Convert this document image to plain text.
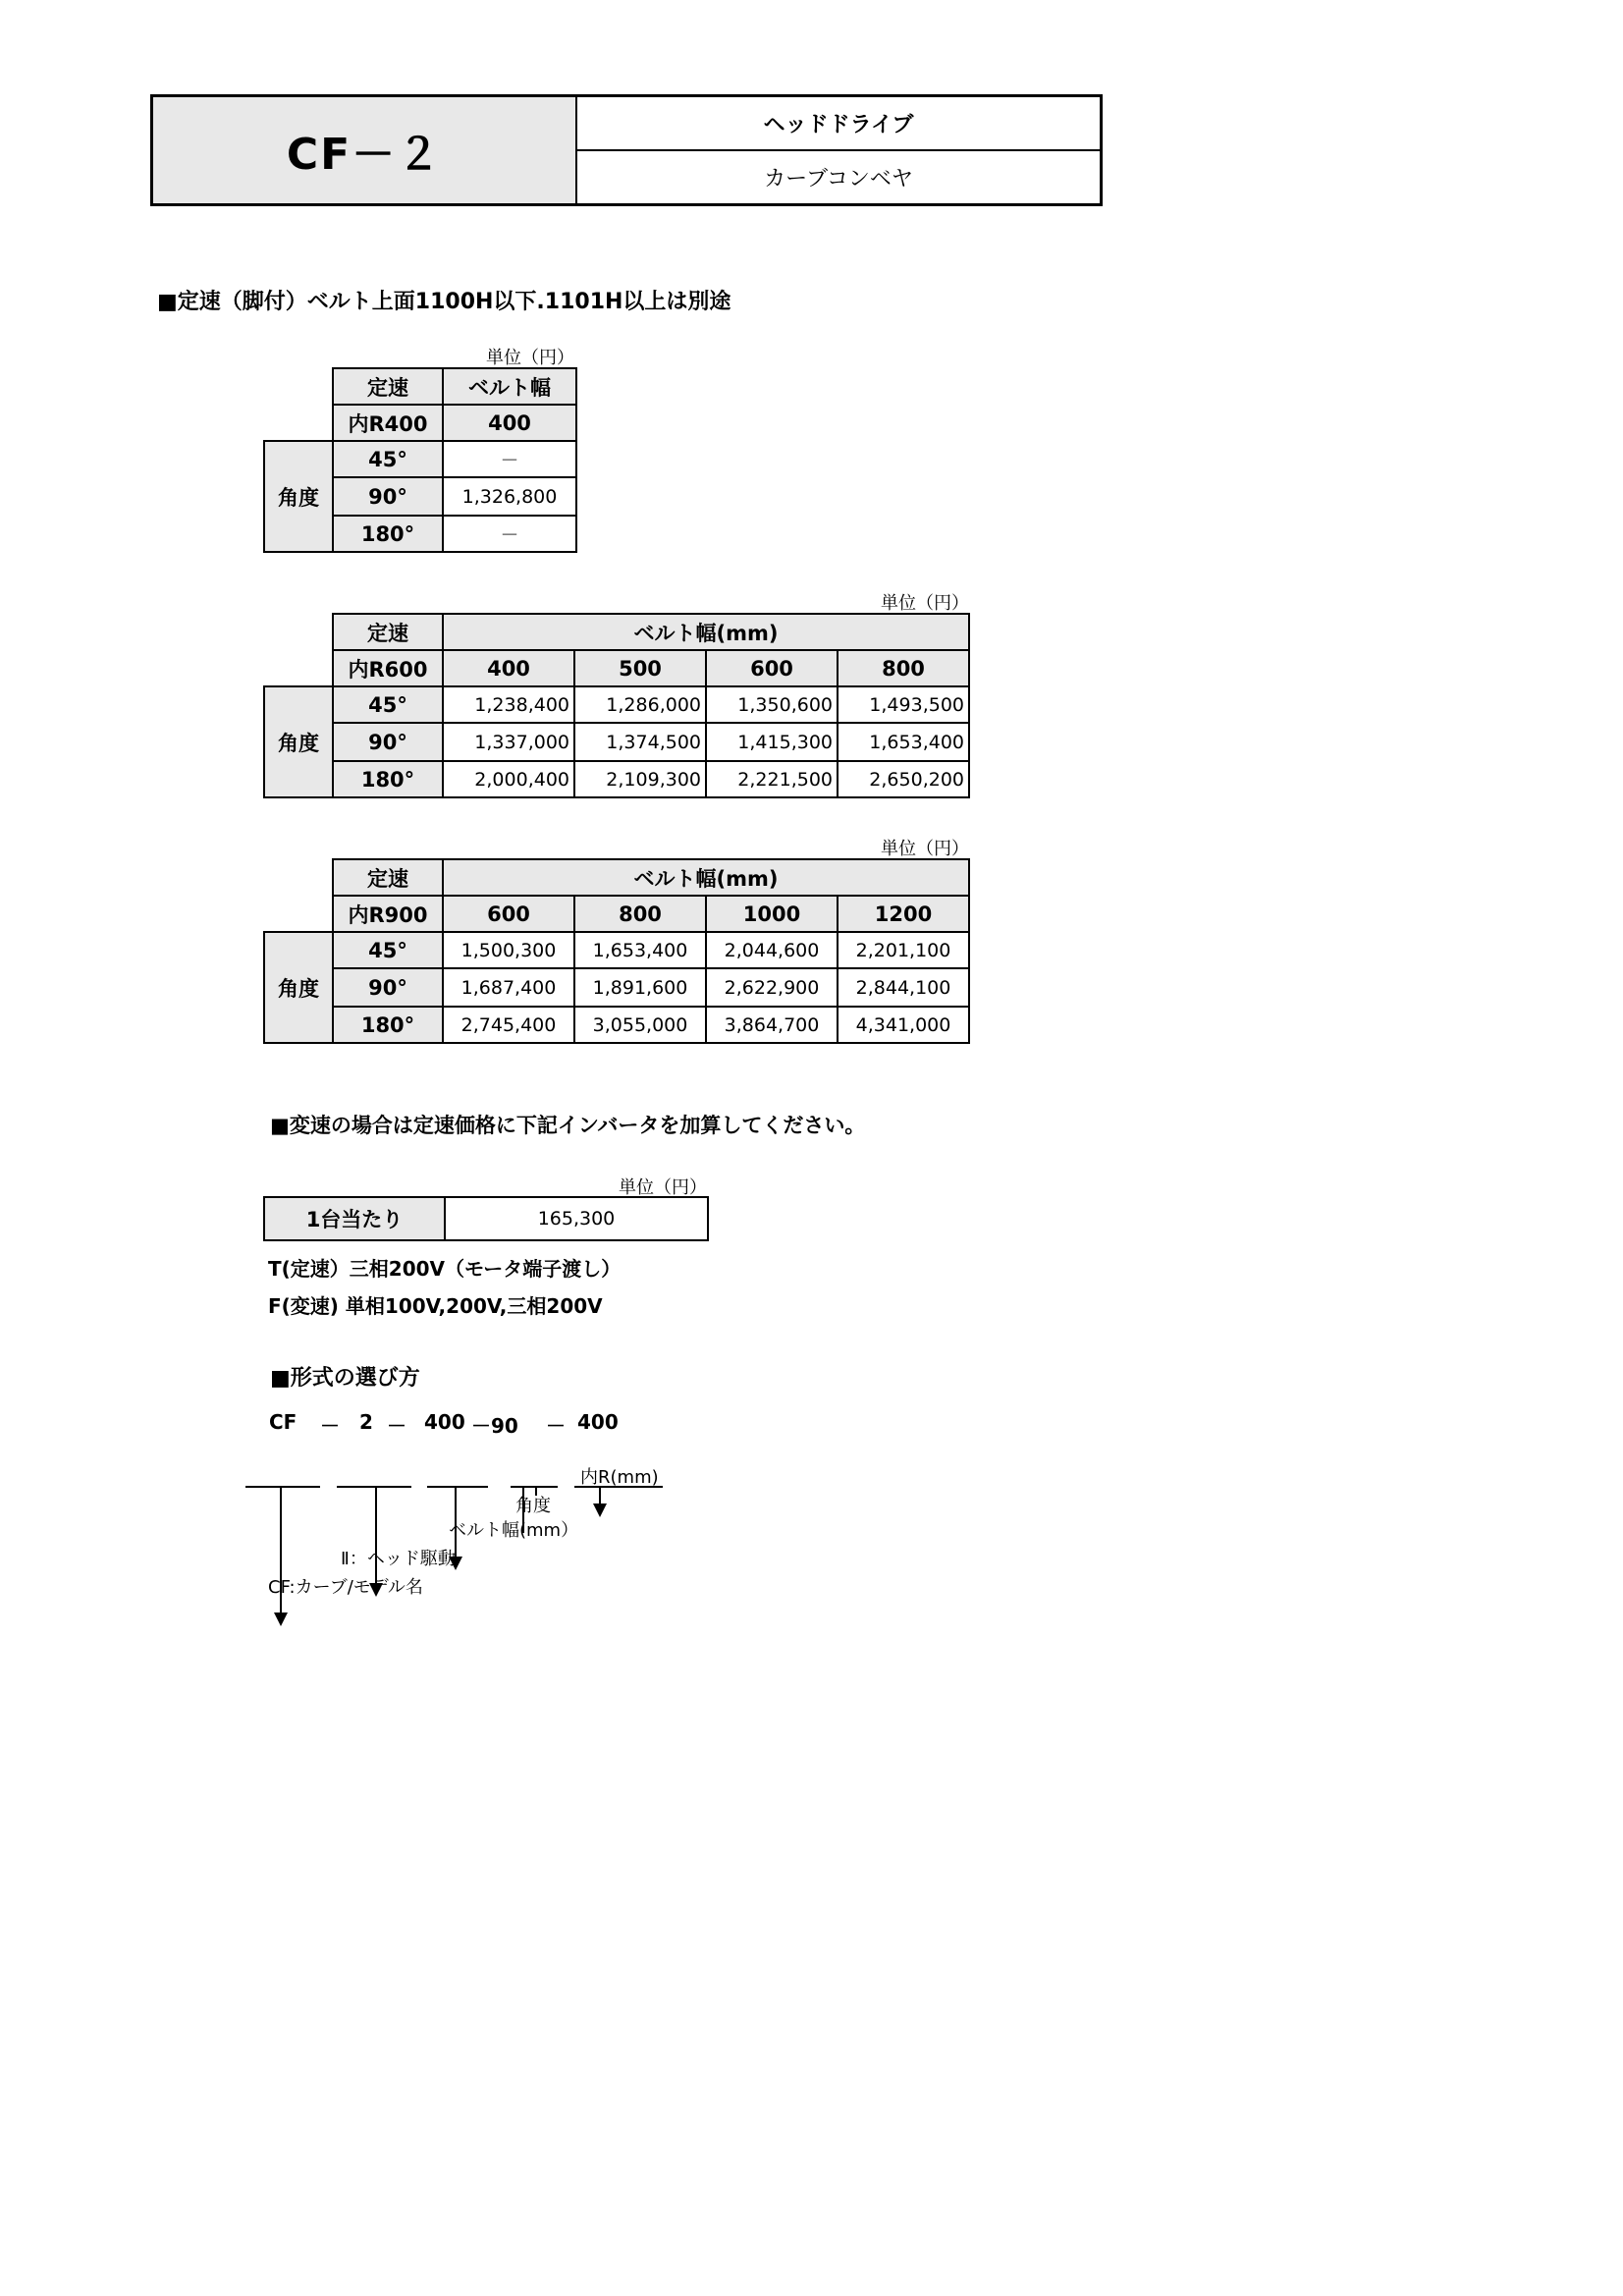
CF－２
ヘッドドライブ
カーブコンベヤ
■定速（脚付）ベルト上面1100H以下.1101H以上は別途
単位（円）
	定速	ベルト幅
	内R400	400
角度	45°	－
	90°	1,326,800
	180°	－
単位（円）
	定速	ベルト幅(mm)			
	内R600	400	500	600	800
角度	45°	1,238,400	1,286,000	1,350,600	1,493,500
	90°	1,337,000	1,374,500	1,415,300	1,653,400
	180°	2,000,400	2,109,300	2,221,500	2,650,200
単位（円）
	定速	ベルト幅(mm)			
	内R900	600	800	1000	1200
角度	45°	1,500,300	1,653,400	2,044,600	2,201,100
	90°	1,687,400	1,891,600	2,622,900	2,844,100
	180°	2,745,400	3,055,000	3,864,700	4,341,000
■変速の場合は定速価格に下記インバータを加算してください。
単位（円）
1台当たり	165,300
T(定速）三相200V（モータ端子渡し）
F(変速) 単相100V,200V,三相200V
■形式の選び方
CF － 2 － 400 －90 － 400
内R(mm)
角度
ベルト幅(mm）
Ⅱ：ヘッド駆動
CF:カーブ/モデル名
